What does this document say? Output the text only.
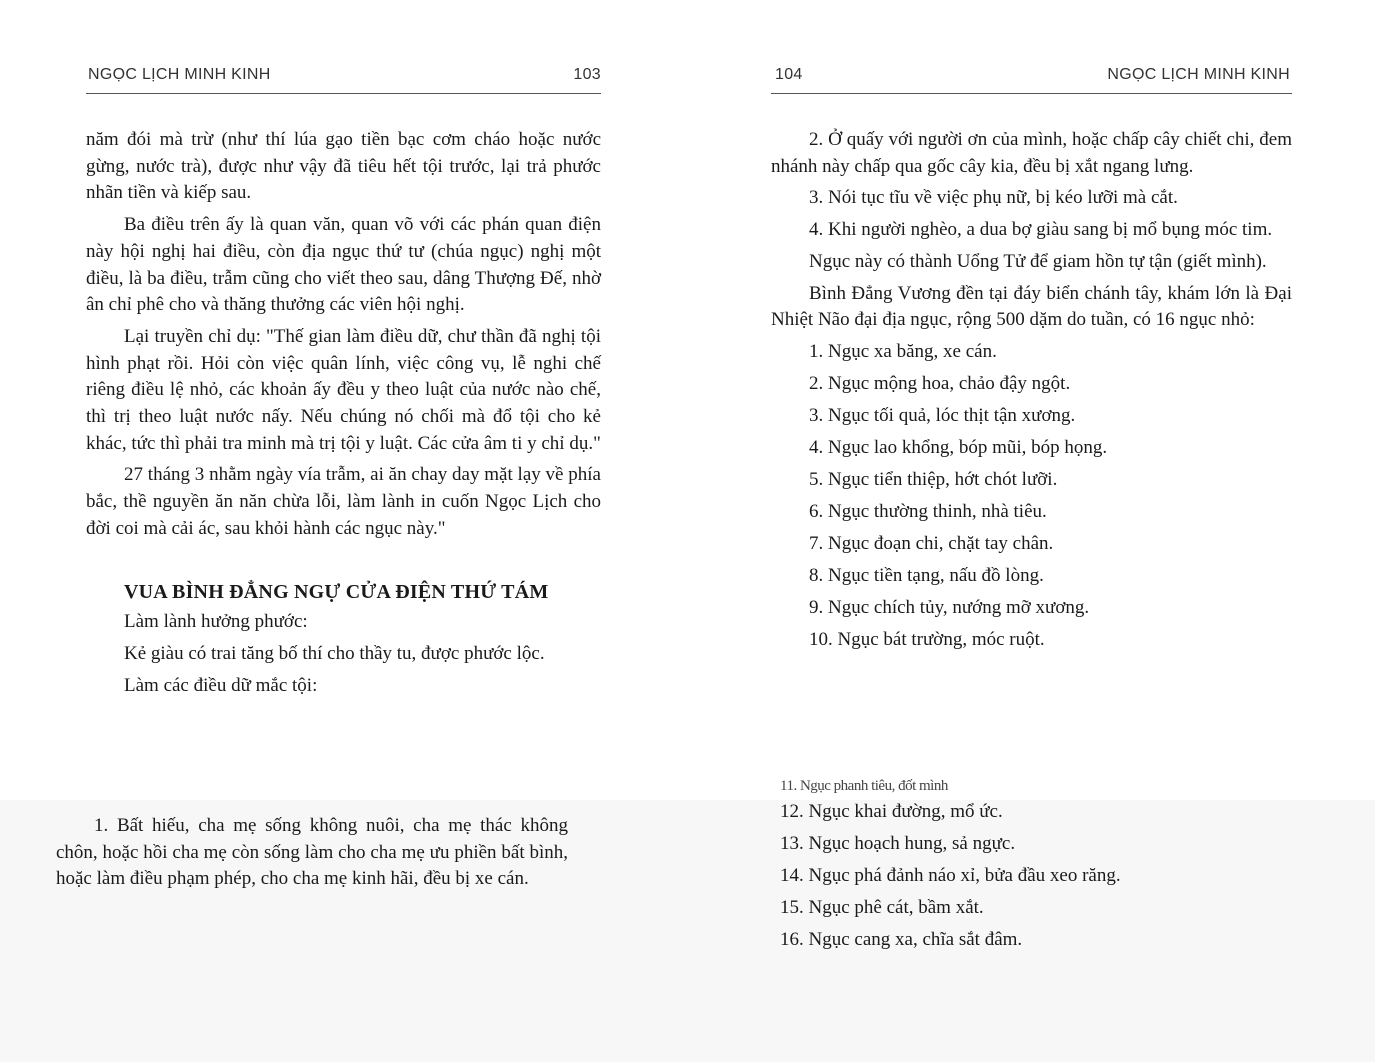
NGỌC LỊCH MINH KINH	103

năm đói mà trừ (như thí lúa gạo tiền bạc cơm cháo hoặc nước gừng, nước trà), được như vậy đã tiêu hết tội trước, lại trả phước nhãn tiền và kiếp sau.

Ba điều trên ấy là quan văn, quan võ với các phán quan điện này hội nghị hai điều, còn địa ngục thứ tư (chúa ngục) nghị một điều, là ba điều, trẫm cũng cho viết theo sau, dâng Thượng Đế, nhờ ân chỉ phê cho và thăng thưởng các viên hội nghị.

Lại truyền chỉ dụ: "Thế gian làm điều dữ, chư thần đã nghị tội hình phạt rồi. Hỏi còn việc quân lính, việc công vụ, lễ nghi chế riêng điều lệ nhỏ, các khoản ấy đều y theo luật của nước nào chế, thì trị theo luật nước nấy. Nếu chúng nó chối mà đổ tội cho kẻ khác, tức thì phải tra minh mà trị tội y luật. Các cửa âm ti y chỉ dụ."

27 tháng 3 nhằm ngày vía trẫm, ai ăn chay day mặt lạy về phía bắc, thề nguyền ăn năn chừa lỗi, làm lành in cuốn Ngọc Lịch cho đời coi mà cải ác, sau khỏi hành các ngục này."

VUA BÌNH ĐẲNG NGỰ CỬA ĐIỆN THỨ TÁM

Làm lành hưởng phước:

Kẻ giàu có trai tăng bố thí cho thầy tu, được phước lộc.

Làm các điều dữ mắc tội:

1. Bất hiếu, cha mẹ sống không nuôi, cha mẹ thác không chôn, hoặc hồi cha mẹ còn sống làm cho cha mẹ ưu phiền bất bình, hoặc làm điều phạm phép, cho cha mẹ kinh hãi, đều bị xe cán.

104	NGỌC LỊCH MINH KINH

2. Ở quấy với người ơn của mình, hoặc chấp cây chiết chi, đem nhánh này chấp qua gốc cây kia, đều bị xắt ngang lưng.

3. Nói tục tĩu về việc phụ nữ, bị kéo lưỡi mà cắt.

4. Khi người nghèo, a dua bợ giàu sang bị mổ bụng móc tim.

Ngục này có thành Uổng Tử để giam hồn tự tận (giết mình).

Bình Đẳng Vương đền tại đáy biển chánh tây, khám lớn là Đại Nhiệt Não đại địa ngục, rộng 500 dặm do tuần, có 16 ngục nhỏ:

1. Ngục xa băng, xe cán.
2. Ngục mộng hoa, chảo đậy ngột.
3. Ngục tối quả, lóc thịt tận xương.
4. Ngục lao khổng, bóp mũi, bóp họng.
5. Ngục tiển thiệp, hớt chót lưỡi.
6. Ngục thường thinh, nhà tiêu.
7. Ngục đoạn chi, chặt tay chân.
8. Ngục tiền tạng, nấu đồ lòng.
9. Ngục chích tủy, nướng mỡ xương.
10. Ngục bát trường, móc ruột.
11. Ngục phanh tiêu, đốt mình
12. Ngục khai đường, mổ ức.
13. Ngục hoạch hung, sả ngực.
14. Ngục phá đảnh náo xỉ, bửa đầu xeo răng.
15. Ngục phê cát, bầm xắt.
16. Ngục cang xa, chĩa sắt đâm.
